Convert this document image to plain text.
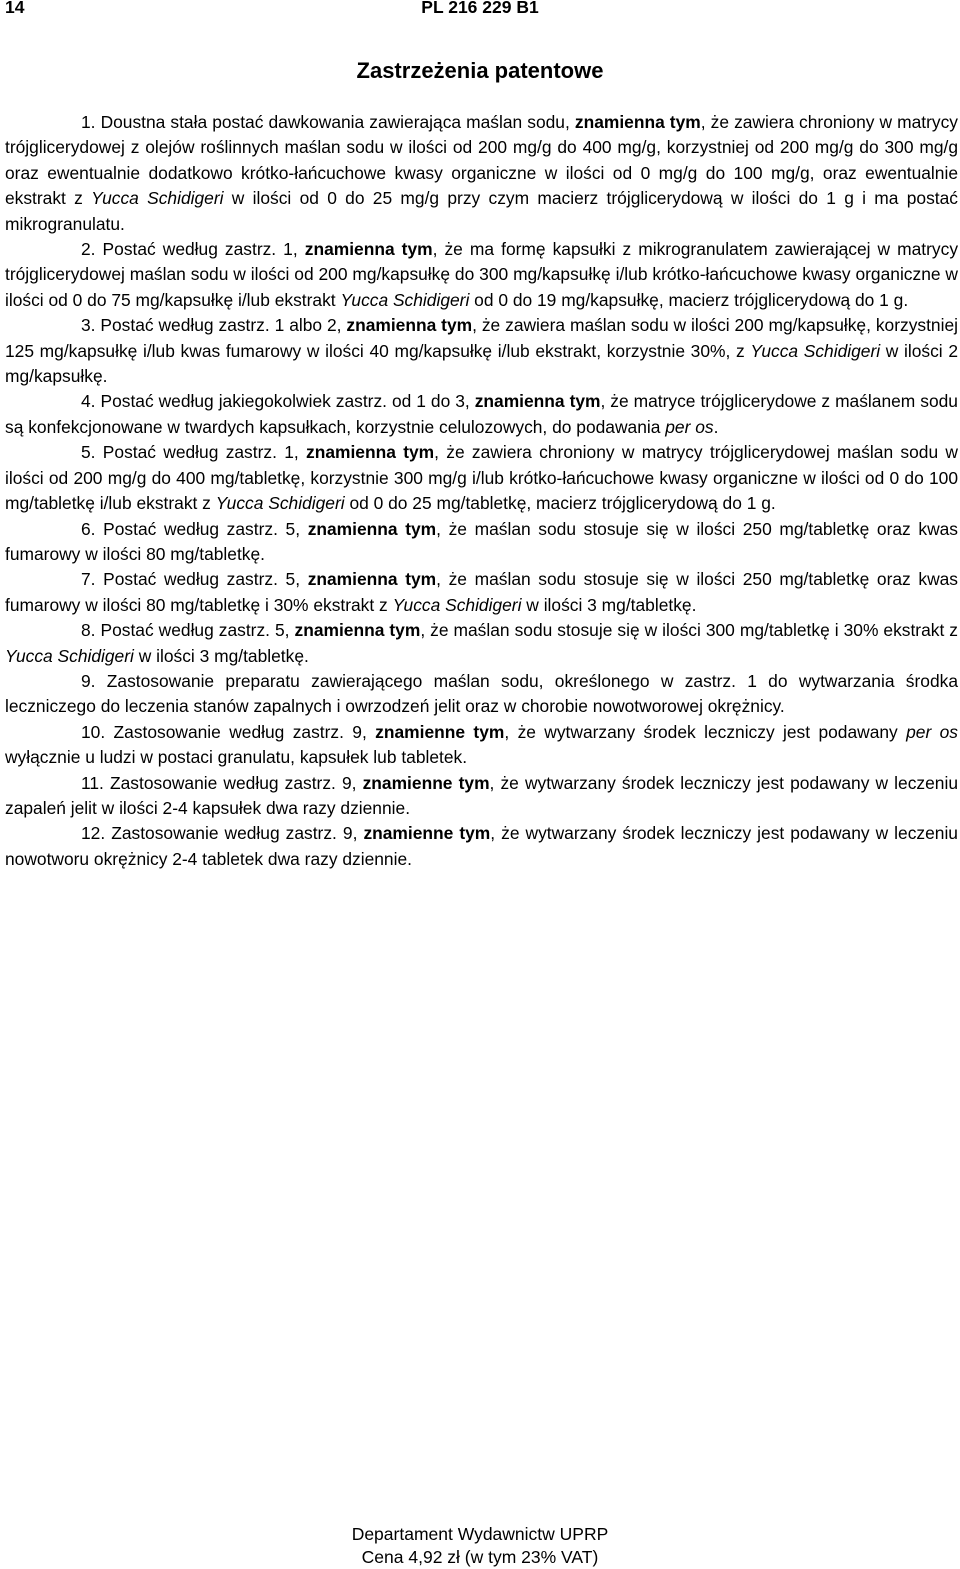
14	PL 216 229 B1
Zastrzeżenia patentowe

1. Doustna stała postać dawkowania zawierająca maślan sodu, znamienna tym, że zawiera chroniony w matrycy trójglicerydowej z olejów roślinnych maślan sodu w ilości od 200 mg/g do 400 mg/g, korzystniej od 200 mg/g do 300 mg/g oraz ewentualnie dodatkowo krótko-łańcuchowe kwasy organiczne w ilości od 0 mg/g do 100 mg/g, oraz ewentualnie ekstrakt z Yucca Schidigeri w ilości od 0 do 25 mg/g przy czym macierz trójglicerydową w ilości do 1 g i ma postać mikrogranulatu.

2. Postać według zastrz. 1, znamienna tym, że ma formę kapsułki z mikrogranulatem zawierającej w matrycy trójglicerydowej maślan sodu w ilości od 200 mg/kapsułkę do 300 mg/kapsułkę i/lub krótko-łańcuchowe kwasy organiczne w ilości od 0 do 75 mg/kapsułkę i/lub ekstrakt Yucca Schidigeri od 0 do 19 mg/kapsułkę, macierz trójglicerydową do 1 g.

3. Postać według zastrz. 1 albo 2, znamienna tym, że zawiera maślan sodu w ilości 200 mg/kapsułkę, korzystniej 125 mg/kapsułkę i/lub kwas fumarowy w ilości 40 mg/kapsułkę i/lub ekstrakt, korzystnie 30%, z Yucca Schidigeri w ilości 2 mg/kapsułkę.

4. Postać według jakiegokolwiek zastrz. od 1 do 3, znamienna tym, że matryce trójglicerydowe z maślanem sodu są konfekcjonowane w twardych kapsułkach, korzystnie celulozowych, do podawania per os.

5. Postać według zastrz. 1, znamienna tym, że zawiera chroniony w matrycy trójglicerydowej maślan sodu w ilości od 200 mg/g do 400 mg/tabletkę, korzystnie 300 mg/g i/lub krótko-łańcuchowe kwasy organiczne w ilości od 0 do 100 mg/tabletkę i/lub ekstrakt z Yucca Schidigeri od 0 do 25 mg/tabletkę, macierz trójglicerydową do 1 g.

6. Postać według zastrz. 5, znamienna tym, że maślan sodu stosuje się w ilości 250 mg/tabletkę oraz kwas fumarowy w ilości 80 mg/tabletkę.

7. Postać według zastrz. 5, znamienna tym, że maślan sodu stosuje się w ilości 250 mg/tabletkę oraz kwas fumarowy w ilości 80 mg/tabletkę i 30% ekstrakt z Yucca Schidigeri w ilości 3 mg/tabletkę.

8. Postać według zastrz. 5, znamienna tym, że maślan sodu stosuje się w ilości 300 mg/tabletkę i 30% ekstrakt z Yucca Schidigeri w ilości 3 mg/tabletkę.

9. Zastosowanie preparatu zawierającego maślan sodu, określonego w zastrz. 1 do wytwarzania środka leczniczego do leczenia stanów zapalnych i owrzodzeń jelit oraz w chorobie nowotworowej okrężnicy.

10. Zastosowanie według zastrz. 9, znamienne tym, że wytwarzany środek leczniczy jest podawany per os wyłącznie u ludzi w postaci granulatu, kapsułek lub tabletek.

11. Zastosowanie według zastrz. 9, znamienne tym, że wytwarzany środek leczniczy jest podawany w leczeniu zapaleń jelit w ilości 2-4 kapsułek dwa razy dziennie.

12. Zastosowanie według zastrz. 9, znamienne tym, że wytwarzany środek leczniczy jest podawany w leczeniu nowotworu okrężnicy 2-4 tabletek dwa razy dziennie.

Departament Wydawnictw UPRP
Cena 4,92 zł (w tym 23% VAT)
